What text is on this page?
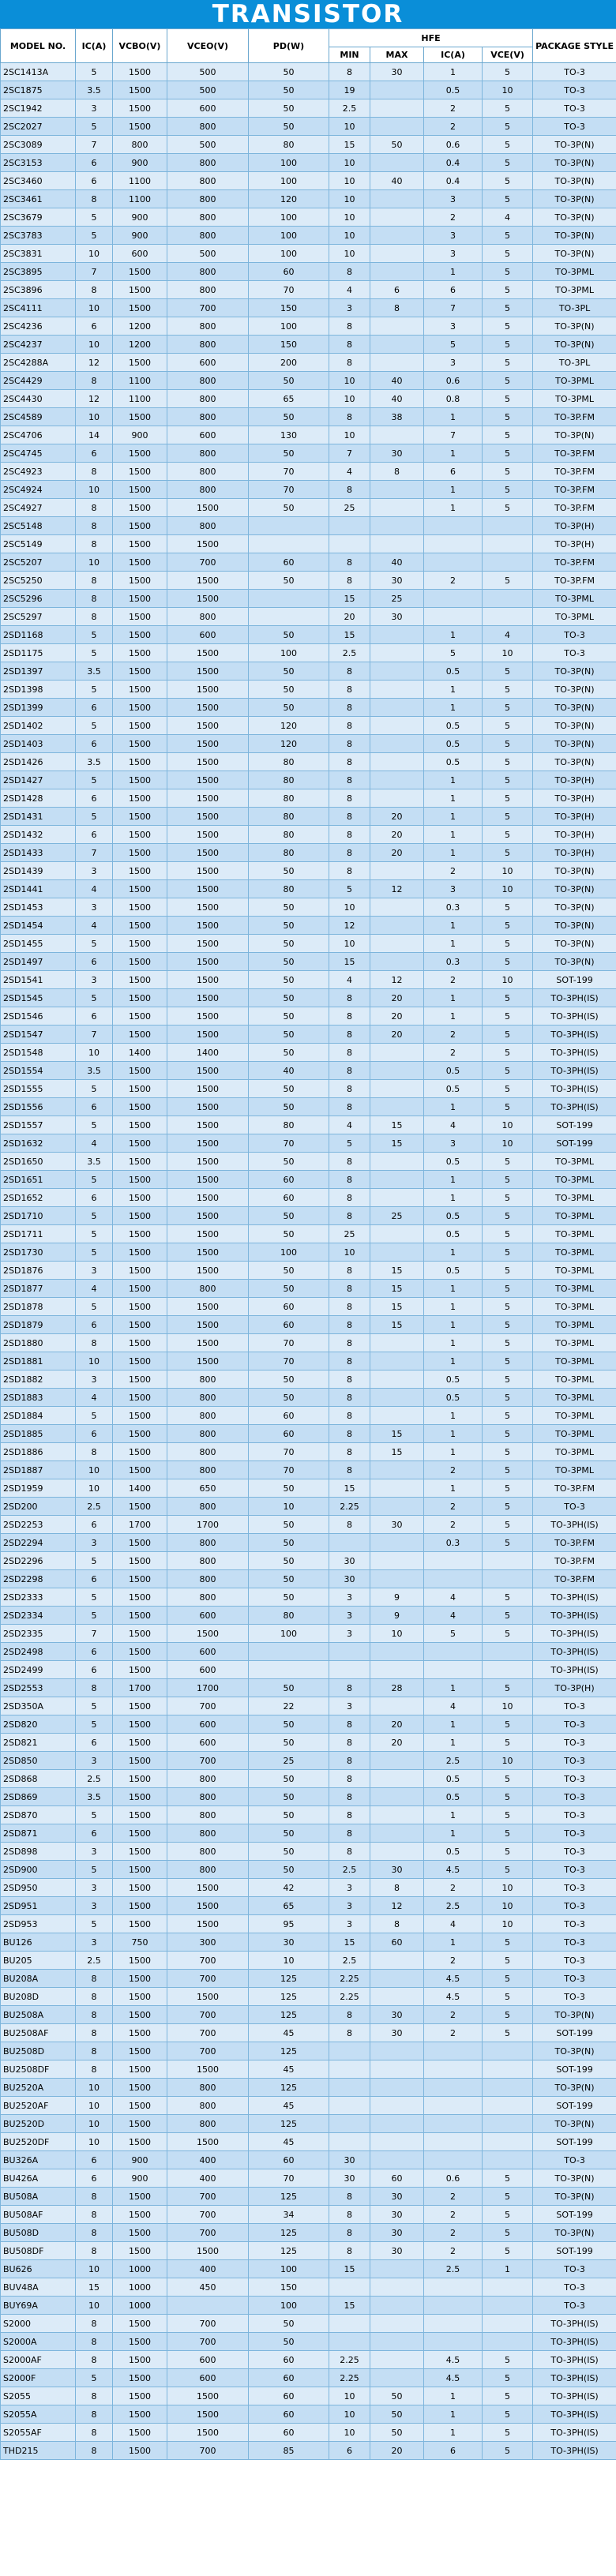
TRANSISTOR
MODEL NO.	IC(A)	VCBO(V)	VCEO(V)	PD(W)	HFE				PACKAGE STYLE
					MIN	MAX	IC(A)	VCE(V)	
2SC1413A	5	1500	500	50	8	30	1	5	TO-3
2SC1875	3.5	1500	500	50	19		0.5	10	TO-3
2SC1942	3	1500	600	50	2.5		2	5	TO-3
2SC2027	5	1500	800	50	10		2	5	TO-3
2SC3089	7	800	500	80	15	50	0.6	5	TO-3P(N)
2SC3153	6	900	800	100	10		0.4	5	TO-3P(N)
2SC3460	6	1100	800	100	10	40	0.4	5	TO-3P(N)
2SC3461	8	1100	800	120	10		3	5	TO-3P(N)
2SC3679	5	900	800	100	10		2	4	TO-3P(N)
2SC3783	5	900	800	100	10		3	5	TO-3P(N)
2SC3831	10	600	500	100	10		3	5	TO-3P(N)
2SC3895	7	1500	800	60	8		1	5	TO-3PML
2SC3896	8	1500	800	70	4	6	6	5	TO-3PML
2SC4111	10	1500	700	150	3	8	7	5	TO-3PL
2SC4236	6	1200	800	100	8		3	5	TO-3P(N)
2SC4237	10	1200	800	150	8		5	5	TO-3P(N)
2SC4288A	12	1500	600	200	8		3	5	TO-3PL
2SC4429	8	1100	800	50	10	40	0.6	5	TO-3PML
2SC4430	12	1100	800	65	10	40	0.8	5	TO-3PML
2SC4589	10	1500	800	50	8	38	1	5	TO-3P.FM
2SC4706	14	900	600	130	10		7	5	TO-3P(N)
2SC4745	6	1500	800	50	7	30	1	5	TO-3P.FM
2SC4923	8	1500	800	70	4	8	6	5	TO-3P.FM
2SC4924	10	1500	800	70	8		1	5	TO-3P.FM
2SC4927	8	1500	1500	50	25		1	5	TO-3P.FM
2SC5148	8	1500	800						TO-3P(H)
2SC5149	8	1500	1500						TO-3P(H)
2SC5207	10	1500	700	60	8	40			TO-3P.FM
2SC5250	8	1500	1500	50	8	30	2	5	TO-3P.FM
2SC5296	8	1500	1500		15	25			TO-3PML
2SC5297	8	1500	800		20	30			TO-3PML
2SD1168	5	1500	600	50	15		1	4	TO-3
2SD1175	5	1500	1500	100	2.5		5	10	TO-3
2SD1397	3.5	1500	1500	50	8		0.5	5	TO-3P(N)
2SD1398	5	1500	1500	50	8		1	5	TO-3P(N)
2SD1399	6	1500	1500	50	8		1	5	TO-3P(N)
2SD1402	5	1500	1500	120	8		0.5	5	TO-3P(N)
2SD1403	6	1500	1500	120	8		0.5	5	TO-3P(N)
2SD1426	3.5	1500	1500	80	8		0.5	5	TO-3P(N)
2SD1427	5	1500	1500	80	8		1	5	TO-3P(H)
2SD1428	6	1500	1500	80	8		1	5	TO-3P(H)
2SD1431	5	1500	1500	80	8	20	1	5	TO-3P(H)
2SD1432	6	1500	1500	80	8	20	1	5	TO-3P(H)
2SD1433	7	1500	1500	80	8	20	1	5	TO-3P(H)
2SD1439	3	1500	1500	50	8		2	10	TO-3P(N)
2SD1441	4	1500	1500	80	5	12	3	10	TO-3P(N)
2SD1453	3	1500	1500	50	10		0.3	5	TO-3P(N)
2SD1454	4	1500	1500	50	12		1	5	TO-3P(N)
2SD1455	5	1500	1500	50	10		1	5	TO-3P(N)
2SD1497	6	1500	1500	50	15		0.3	5	TO-3P(N)
2SD1541	3	1500	1500	50	4	12	2	10	SOT-199
2SD1545	5	1500	1500	50	8	20	1	5	TO-3PH(IS)
2SD1546	6	1500	1500	50	8	20	1	5	TO-3PH(IS)
2SD1547	7	1500	1500	50	8	20	2	5	TO-3PH(IS)
2SD1548	10	1400	1400	50	8		2	5	TO-3PH(IS)
2SD1554	3.5	1500	1500	40	8		0.5	5	TO-3PH(IS)
2SD1555	5	1500	1500	50	8		0.5	5	TO-3PH(IS)
2SD1556	6	1500	1500	50	8		1	5	TO-3PH(IS)
2SD1557	5	1500	1500	80	4	15	4	10	SOT-199
2SD1632	4	1500	1500	70	5	15	3	10	SOT-199
2SD1650	3.5	1500	1500	50	8		0.5	5	TO-3PML
2SD1651	5	1500	1500	60	8		1	5	TO-3PML
2SD1652	6	1500	1500	60	8		1	5	TO-3PML
2SD1710	5	1500	1500	50	8	25	0.5	5	TO-3PML
2SD1711	5	1500	1500	50	25		0.5	5	TO-3PML
2SD1730	5	1500	1500	100	10		1	5	TO-3PML
2SD1876	3	1500	1500	50	8	15	0.5	5	TO-3PML
2SD1877	4	1500	800	50	8	15	1	5	TO-3PML
2SD1878	5	1500	1500	60	8	15	1	5	TO-3PML
2SD1879	6	1500	1500	60	8	15	1	5	TO-3PML
2SD1880	8	1500	1500	70	8		1	5	TO-3PML
2SD1881	10	1500	1500	70	8		1	5	TO-3PML
2SD1882	3	1500	800	50	8		0.5	5	TO-3PML
2SD1883	4	1500	800	50	8		0.5	5	TO-3PML
2SD1884	5	1500	800	60	8		1	5	TO-3PML
2SD1885	6	1500	800	60	8	15	1	5	TO-3PML
2SD1886	8	1500	800	70	8	15	1	5	TO-3PML
2SD1887	10	1500	800	70	8		2	5	TO-3PML
2SD1959	10	1400	650	50	15		1	5	TO-3P.FM
2SD200	2.5	1500	800	10	2.25		2	5	TO-3
2SD2253	6	1700	1700	50	8	30	2	5	TO-3PH(IS)
2SD2294	3	1500	800	50			0.3	5	TO-3P.FM
2SD2296	5	1500	800	50	30				TO-3P.FM
2SD2298	6	1500	800	50	30				TO-3P.FM
2SD2333	5	1500	800	50	3	9	4	5	TO-3PH(IS)
2SD2334	5	1500	600	80	3	9	4	5	TO-3PH(IS)
2SD2335	7	1500	1500	100	3	10	5	5	TO-3PH(IS)
2SD2498	6	1500	600						TO-3PH(IS)
2SD2499	6	1500	600						TO-3PH(IS)
2SD2553	8	1700	1700	50	8	28	1	5	TO-3P(H)
2SD350A	5	1500	700	22	3		4	10	TO-3
2SD820	5	1500	600	50	8	20	1	5	TO-3
2SD821	6	1500	600	50	8	20	1	5	TO-3
2SD850	3	1500	700	25	8		2.5	10	TO-3
2SD868	2.5	1500	800	50	8		0.5	5	TO-3
2SD869	3.5	1500	800	50	8		0.5	5	TO-3
2SD870	5	1500	800	50	8		1	5	TO-3
2SD871	6	1500	800	50	8		1	5	TO-3
2SD898	3	1500	800	50	8		0.5	5	TO-3
2SD900	5	1500	800	50	2.5	30	4.5	5	TO-3
2SD950	3	1500	1500	42	3	8	2	10	TO-3
2SD951	3	1500	1500	65	3	12	2.5	10	TO-3
2SD953	5	1500	1500	95	3	8	4	10	TO-3
BU126	3	750	300	30	15	60	1	5	TO-3
BU205	2.5	1500	700	10	2.5		2	5	TO-3
BU208A	8	1500	700	125	2.25		4.5	5	TO-3
BU208D	8	1500	1500	125	2.25		4.5	5	TO-3
BU2508A	8	1500	700	125	8	30	2	5	TO-3P(N)
BU2508AF	8	1500	700	45	8	30	2	5	SOT-199
BU2508D	8	1500	700	125					TO-3P(N)
BU2508DF	8	1500	1500	45					SOT-199
BU2520A	10	1500	800	125					TO-3P(N)
BU2520AF	10	1500	800	45					SOT-199
BU2520D	10	1500	800	125					TO-3P(N)
BU2520DF	10	1500	1500	45					SOT-199
BU326A	6	900	400	60	30				TO-3
BU426A	6	900	400	70	30	60	0.6	5	TO-3P(N)
BU508A	8	1500	700	125	8	30	2	5	TO-3P(N)
BU508AF	8	1500	700	34	8	30	2	5	SOT-199
BU508D	8	1500	700	125	8	30	2	5	TO-3P(N)
BU508DF	8	1500	1500	125	8	30	2	5	SOT-199
BU626	10	1000	400	100	15		2.5	1	TO-3
BUV48A	15	1000	450	150					TO-3
BUY69A	10	1000		100	15				TO-3
S2000	8	1500	700	50					TO-3PH(IS)
S2000A	8	1500	700	50					TO-3PH(IS)
S2000AF	8	1500	600	60	2.25		4.5	5	TO-3PH(IS)
S2000F	5	1500	600	60	2.25		4.5	5	TO-3PH(IS)
S2055	8	1500	1500	60	10	50	1	5	TO-3PH(IS)
S2055A	8	1500	1500	60	10	50	1	5	TO-3PH(IS)
S2055AF	8	1500	1500	60	10	50	1	5	TO-3PH(IS)
THD215	8	1500	700	85	6	20	6	5	TO-3PH(IS)
